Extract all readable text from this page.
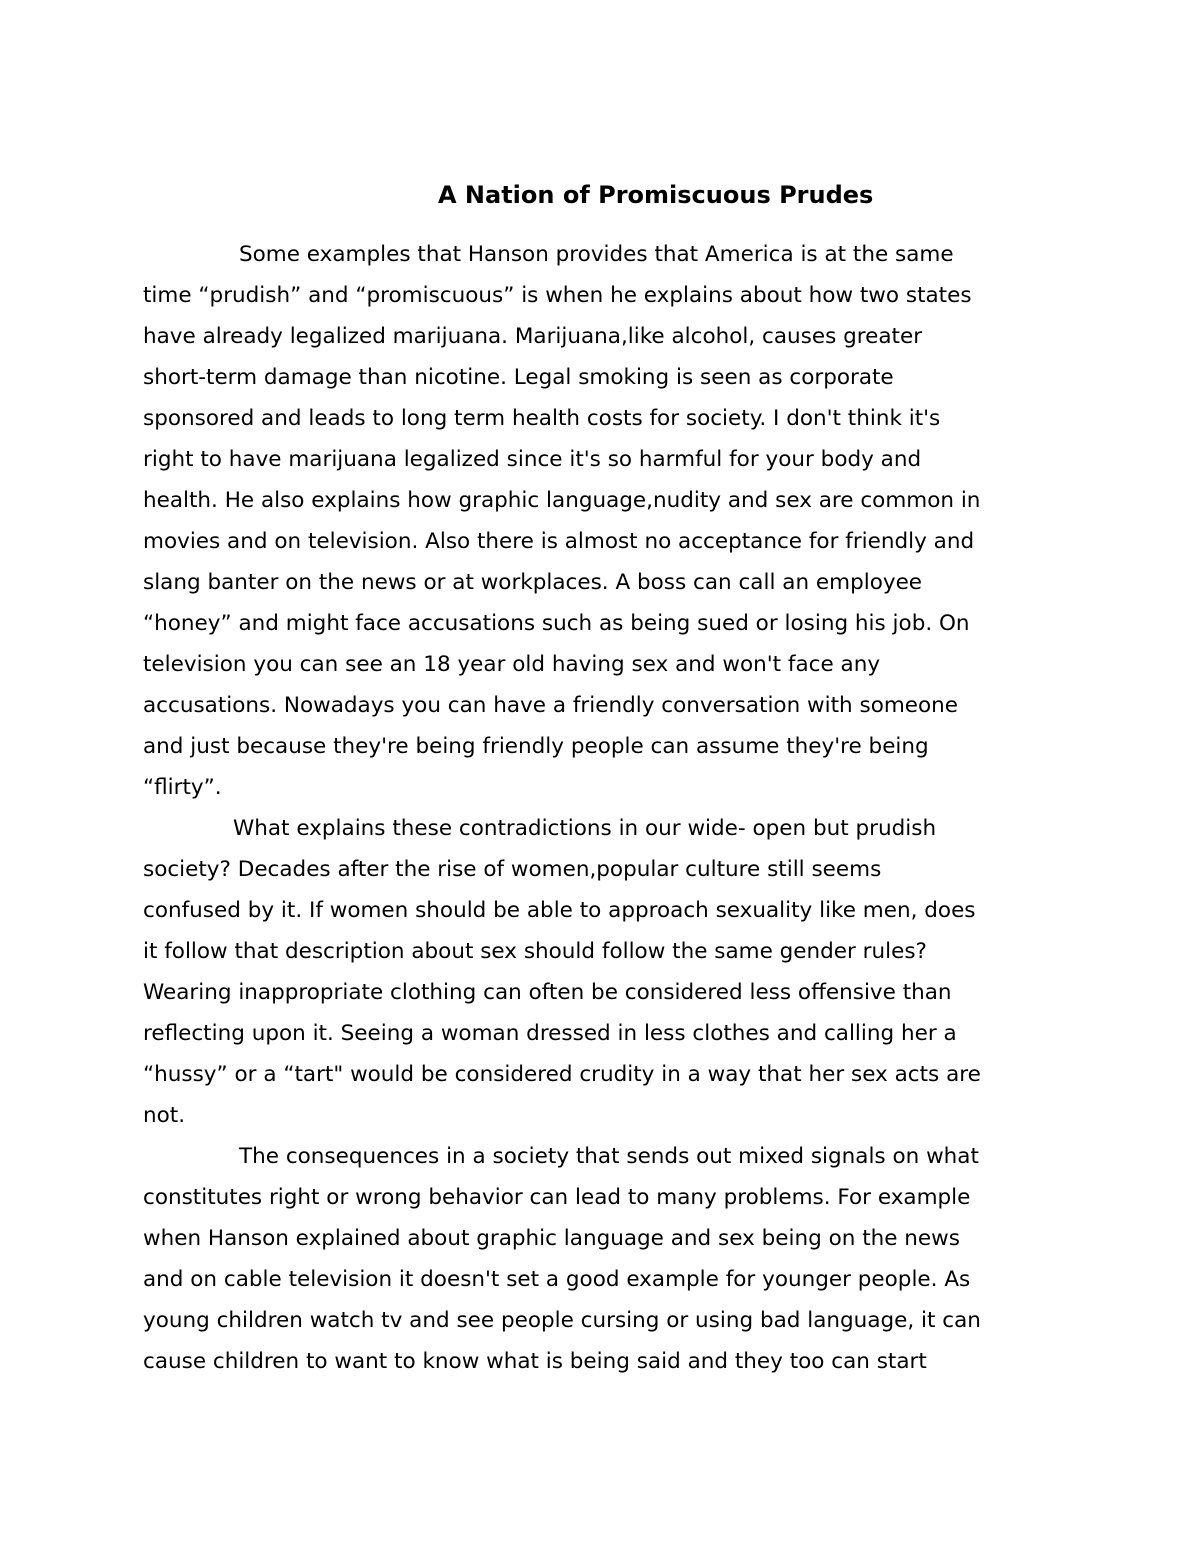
A Nation of Promiscuous Prudes

Some examples that Hanson provides that America is at the same

time “prudish” and “promiscuous” is when he explains about how two states

have already legalized marijuana. Marijuana,like alcohol, causes greater

short-term damage than nicotine. Legal smoking is seen as corporate

sponsored and leads to long term health costs for society. I don't think it's

right to have marijuana legalized since it's so harmful for your body and

health. He also explains how graphic language,nudity and sex are common in

movies and on television. Also there is almost no acceptance for friendly and

slang banter on the news or at workplaces. A boss can call an employee

“honey” and might face accusations such as being sued or losing his job. On

television you can see an 18 year old having sex and won't face any

accusations. Nowadays you can have a friendly conversation with someone

and just because they're being friendly people can assume they're being

“flirty”.

What explains these contradictions in our wide- open but prudish

society? Decades after the rise of women,popular culture still seems

confused by it. If women should be able to approach sexuality like men, does

it follow that description about sex should follow the same gender rules?

Wearing inappropriate clothing can often be considered less offensive than

reflecting upon it. Seeing a woman dressed in less clothes and calling her a

“hussy” or a “tart" would be considered crudity in a way that her sex acts are

not.

The consequences in a society that sends out mixed signals on what

constitutes right or wrong behavior can lead to many problems. For example

when Hanson explained about graphic language and sex being on the news

and on cable television it doesn't set a good example for younger people. As

young children watch tv and see people cursing or using bad language, it can

cause children to want to know what is being said and they too can start
